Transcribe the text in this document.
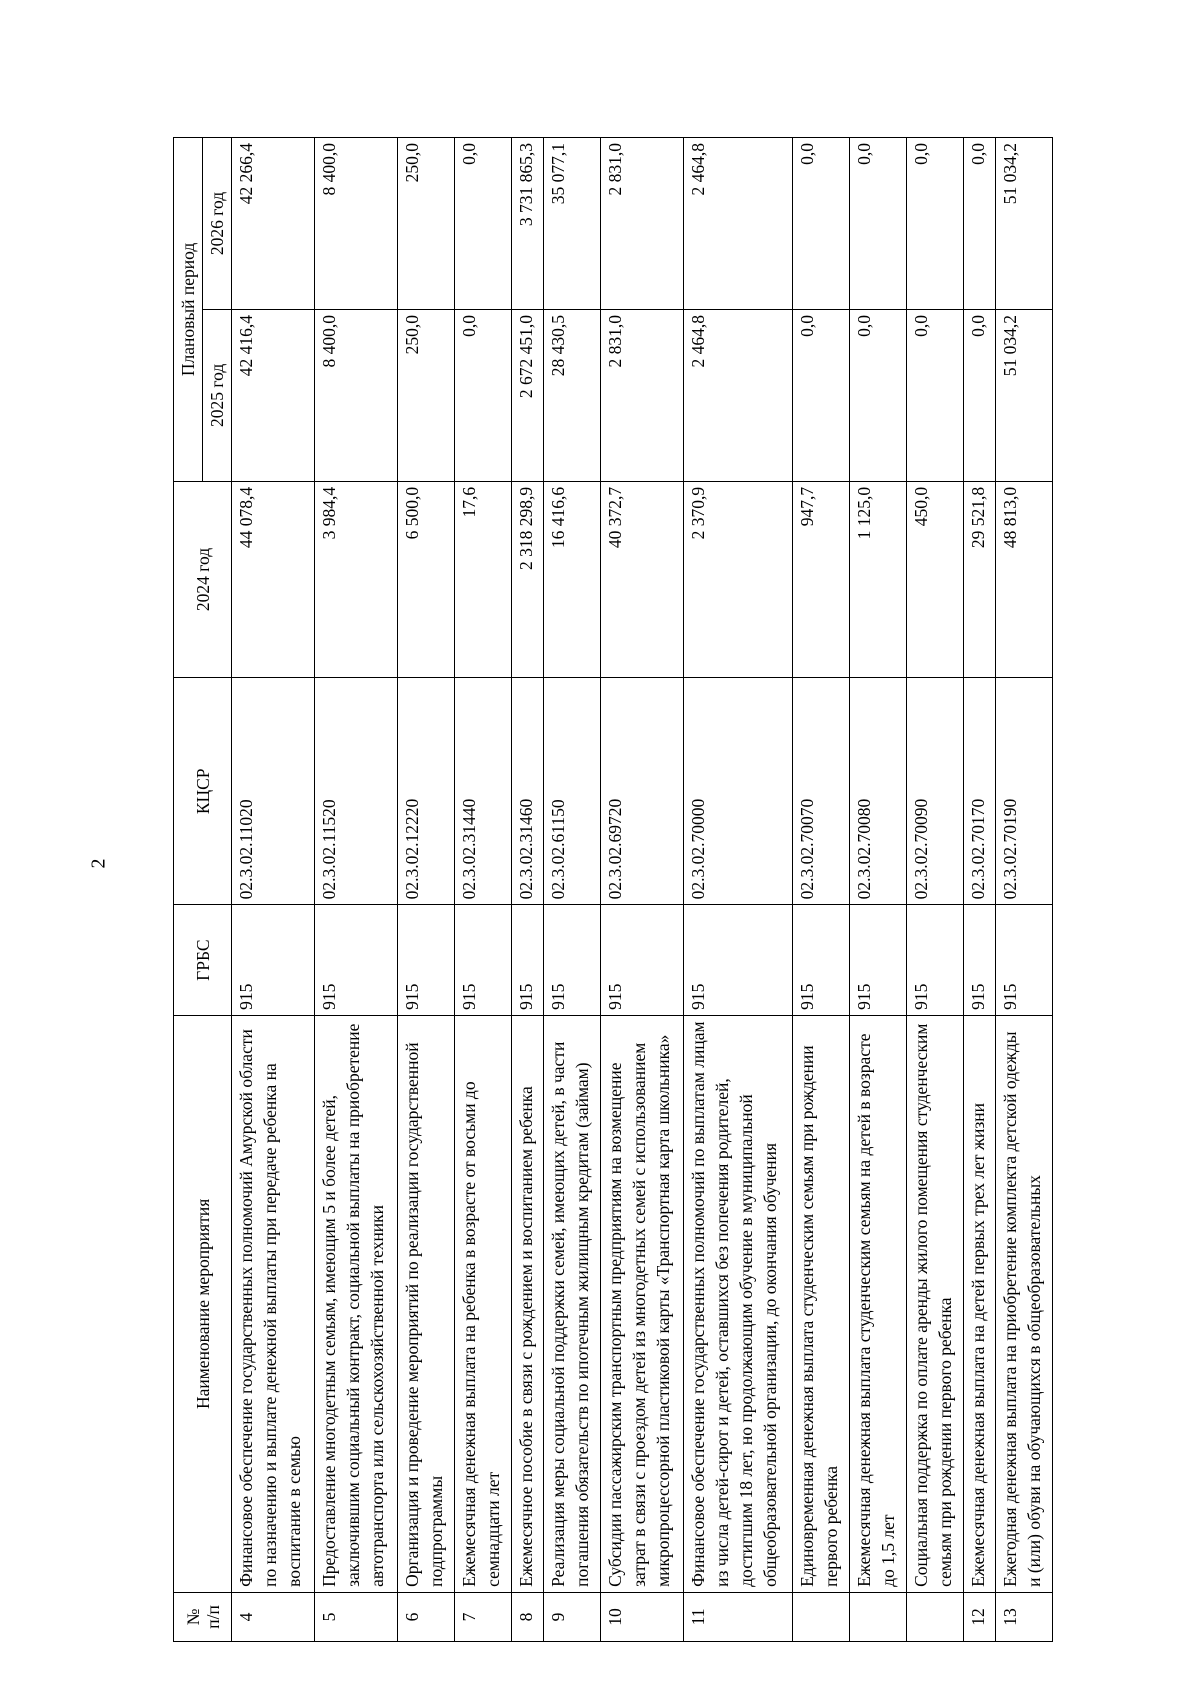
2
№
п/п	Наименование мероприятия	ГРБС	КЦСР	2024 год	Плановый период	
					2025 год	2026 год
4	Финансовое обеспечение государственных полномочий Амурской области по назначению и выплате денежной выплаты при передаче ребенка на воспитание в семью	915	02.3.02.11020	44 078,4	42 416,4	42 266,4
5	Предоставление многодетным семьям, имеющим 5 и более детей, заключившим социальный контракт, социальной выплаты на приобретение автотранспорта или сельскохозяйственной техники	915	02.3.02.11520	3 984,4	8 400,0	8 400,0
6	Организация и проведение мероприятий по реализации государственной подпрограммы	915	02.3.02.12220	6 500,0	250,0	250,0
7	Ежемесячная денежная выплата на ребенка в возрасте от восьми до семнадцати лет	915	02.3.02.31440	17,6	0,0	0,0
8	Ежемесячное пособие в связи с рождением и воспитанием ребенка	915	02.3.02.31460	2 318 298,9	2 672 451,0	3 731 865,3
9	Реализация меры социальной поддержки семей, имеющих детей, в части погашения обязательств по ипотечным жилищным кредитам (займам)	915	02.3.02.61150	16 416,6	28 430,5	35 077,1
10	Субсидии пассажирским транспортным предприятиям на возмещение затрат в связи с проездом детей из многодетных семей с использованием микропроцессорной пластиковой карты «Транспортная карта школьника»	915	02.3.02.69720	40 372,7	2 831,0	2 831,0
11	Финансовое обеспечение государственных полномочий по выплатам лицам из числа детей-сирот и детей, оставшихся без попечения родителей, достигшим 18 лет, но продолжающим обучение в муниципальной общеобразовательной организации, до окончания обучения	915	02.3.02.70000	2 370,9	2 464,8	2 464,8
	Единовременная денежная выплата студенческим семьям при рождении первого ребенка	915	02.3.02.70070	947,7	0,0	0,0
	Ежемесячная денежная выплата студенческим семьям на детей в возрасте до 1,5 лет	915	02.3.02.70080	1 125,0	0,0	0,0
	Социальная поддержка по оплате аренды жилого помещения студенческим семьям при рождении первого ребенка	915	02.3.02.70090	450,0	0,0	0,0
12	Ежемесячная денежная выплата на детей первых трех лет жизни	915	02.3.02.70170	29 521,8	0,0	0,0
13	Ежегодная денежная выплата на приобретение комплекта детской одежды и (или) обуви на обучающихся в общеобразовательных	915	02.3.02.70190	48 813,0	51 034,2	51 034,2
